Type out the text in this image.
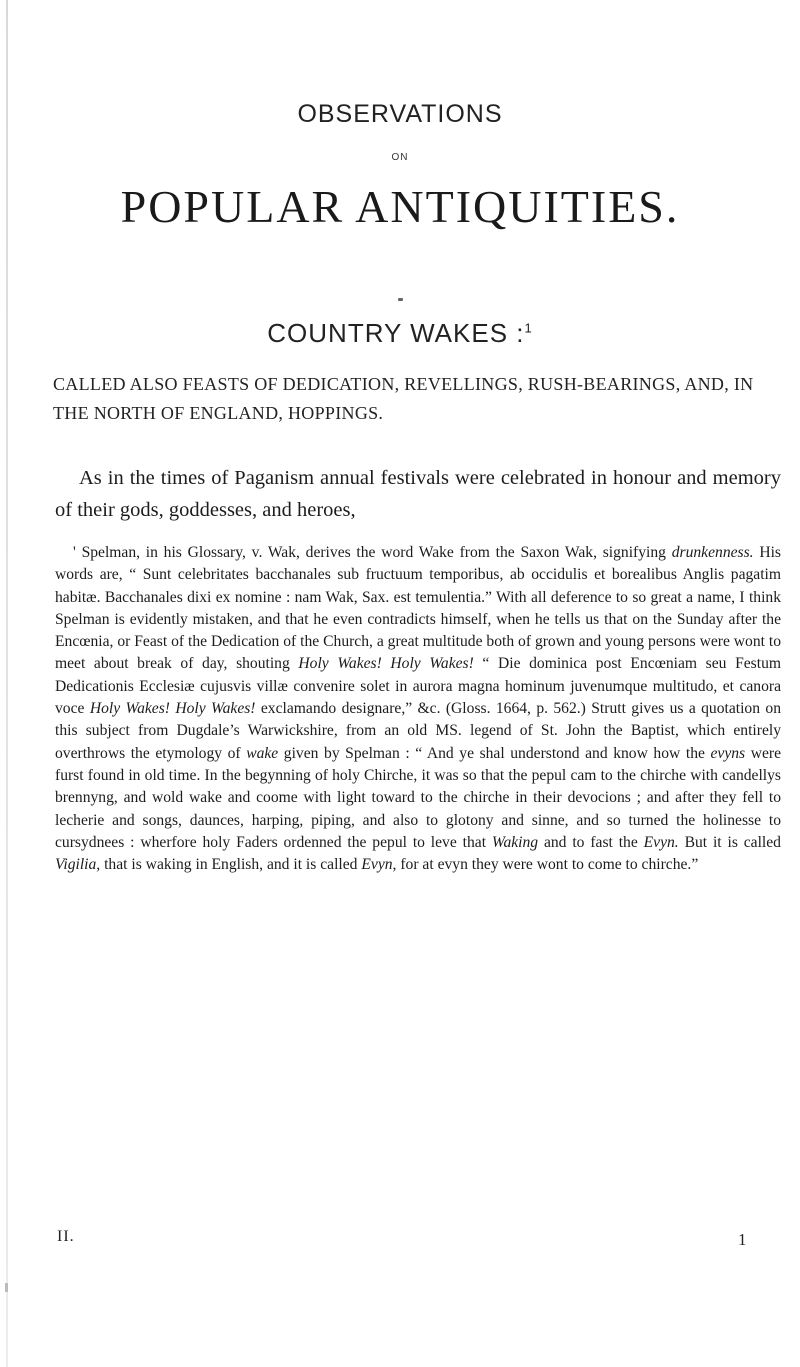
OBSERVATIONS
ON
POPULAR ANTIQUITIES.
COUNTRY WAKES :$^1$
CALLED ALSO FEASTS OF DEDICATION, REVELLINGS, RUSH-BEARINGS, AND, IN THE NORTH OF ENGLAND, HOPPINGS.
As in the times of Paganism annual festivals were celebrated in honour and memory of their gods, goddesses, and heroes,
' Spelman, in his Glossary, v. Wak, derives the word Wake from the Saxon Wak, signifying drunkenness. His words are, “ Sunt celebritates bacchanales sub fructuum temporibus, ab occidulis et borealibus Anglis pagatim habitæ. Bacchanales dixi ex nomine : nam Wak, Sax. est temulentia.” With all deference to so great a name, I think Spelman is evidently mistaken, and that he even contradicts himself, when he tells us that on the Sunday after the Encœnia, or Feast of the Dedication of the Church, a great multitude both of grown and young persons were wont to meet about break of day, shouting Holy Wakes! Holy Wakes! “ Die dominica post Encœniam seu Festum Dedicationis Ecclesiæ cujusvis villæ convenire solet in aurora magna hominum juvenumque multitudo, et canora voce Holy Wakes! Holy Wakes! exclamando designare,” &c. (Gloss. 1664, p. 562.) Strutt gives us a quotation on this subject from Dugdale’s Warwickshire, from an old MS. legend of St. John the Baptist, which entirely overthrows the etymology of wake given by Spelman : “ And ye shal understond and know how the evyns were furst found in old time. In the begynning of holy Chirche, it was so that the pepul cam to the chirche with candellys brennyng, and wold wake and coome with light toward to the chirche in their devocions ; and after they fell to lecherie and songs, daunces, harping, piping, and also to glotony and sinne, and so turned the holinesse to cursydnees : wherfore holy Faders ordenned the pepul to leve that Waking and to fast the Evyn. But it is called Vigilia, that is waking in English, and it is called Evyn, for at evyn they were wont to come to chirche.”
II.	1
